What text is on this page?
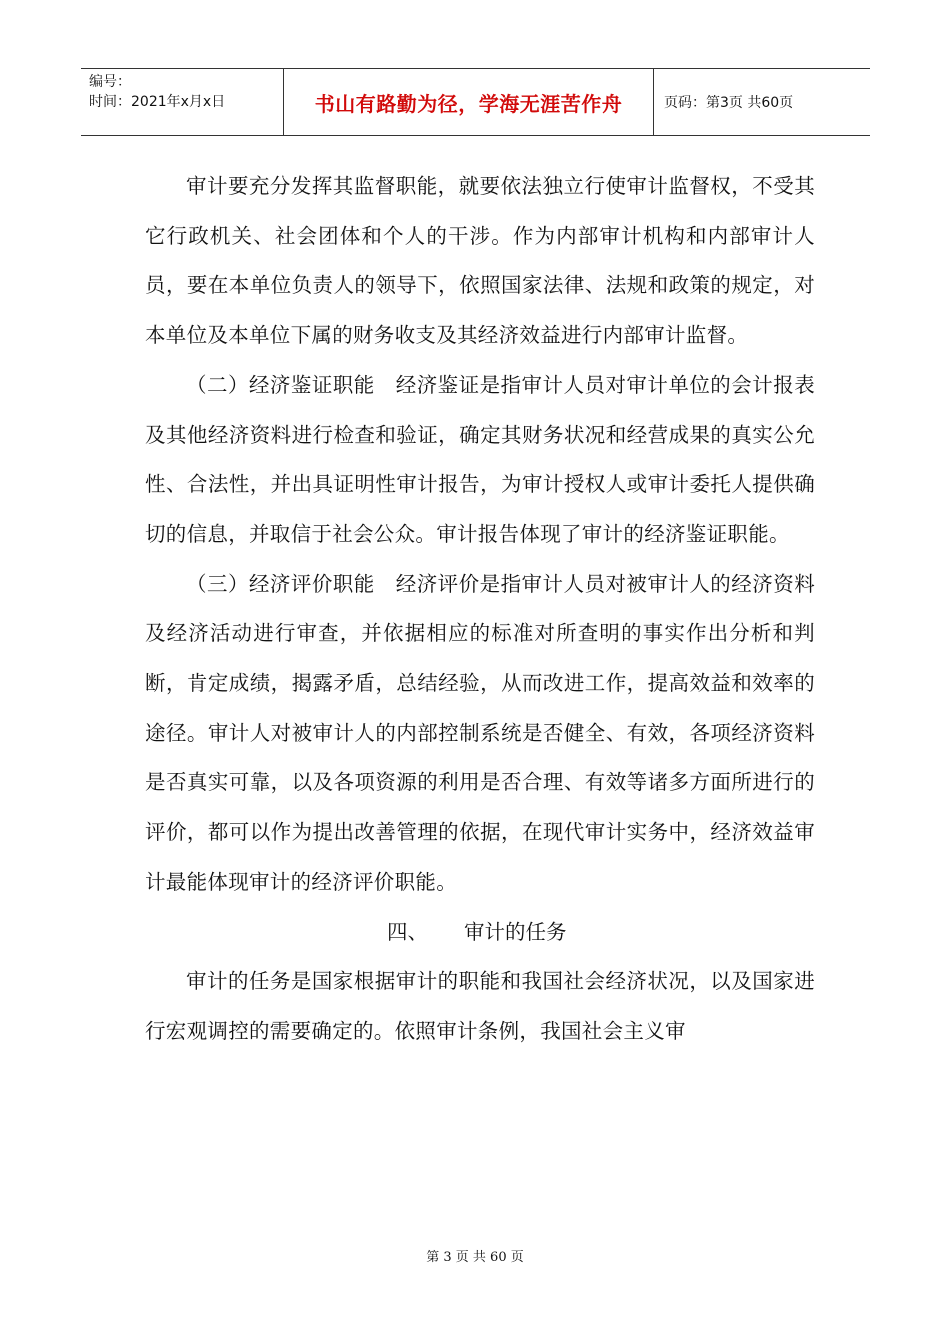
编号：
时间：2021年x月x日	书山有路勤为径，学海无涯苦作舟	页码：第3页 共60页

审计要充分发挥其监督职能，就要依法独立行使审计监督权，不受其它行政机关、社会团体和个人的干涉。作为内部审计机构和内部审计人员，要在本单位负责人的领导下，依照国家法律、法规和政策的规定，对本单位及本单位下属的财务收支及其经济效益进行内部审计监督。

（二）经济鉴证职能　经济鉴证是指审计人员对审计单位的会计报表及其他经济资料进行检查和验证，确定其财务状况和经营成果的真实公允性、合法性，并出具证明性审计报告，为审计授权人或审计委托人提供确切的信息，并取信于社会公众。审计报告体现了审计的经济鉴证职能。

（三）经济评价职能　经济评价是指审计人员对被审计人的经济资料及经济活动进行审查，并依据相应的标准对所查明的事实作出分析和判断，肯定成绩，揭露矛盾，总结经验，从而改进工作，提高效益和效率的途径。审计人对被审计人的内部控制系统是否健全、有效，各项经济资料是否真实可靠，以及各项资源的利用是否合理、有效等诸多方面所进行的评价，都可以作为提出改善管理的依据，在现代审计实务中，经济效益审计最能体现审计的经济评价职能。

四、 审计的任务

审计的任务是国家根据审计的职能和我国社会经济状况，以及国家进行宏观调控的需要确定的。依照审计条例，我国社会主义审

第 3 页 共 60 页
